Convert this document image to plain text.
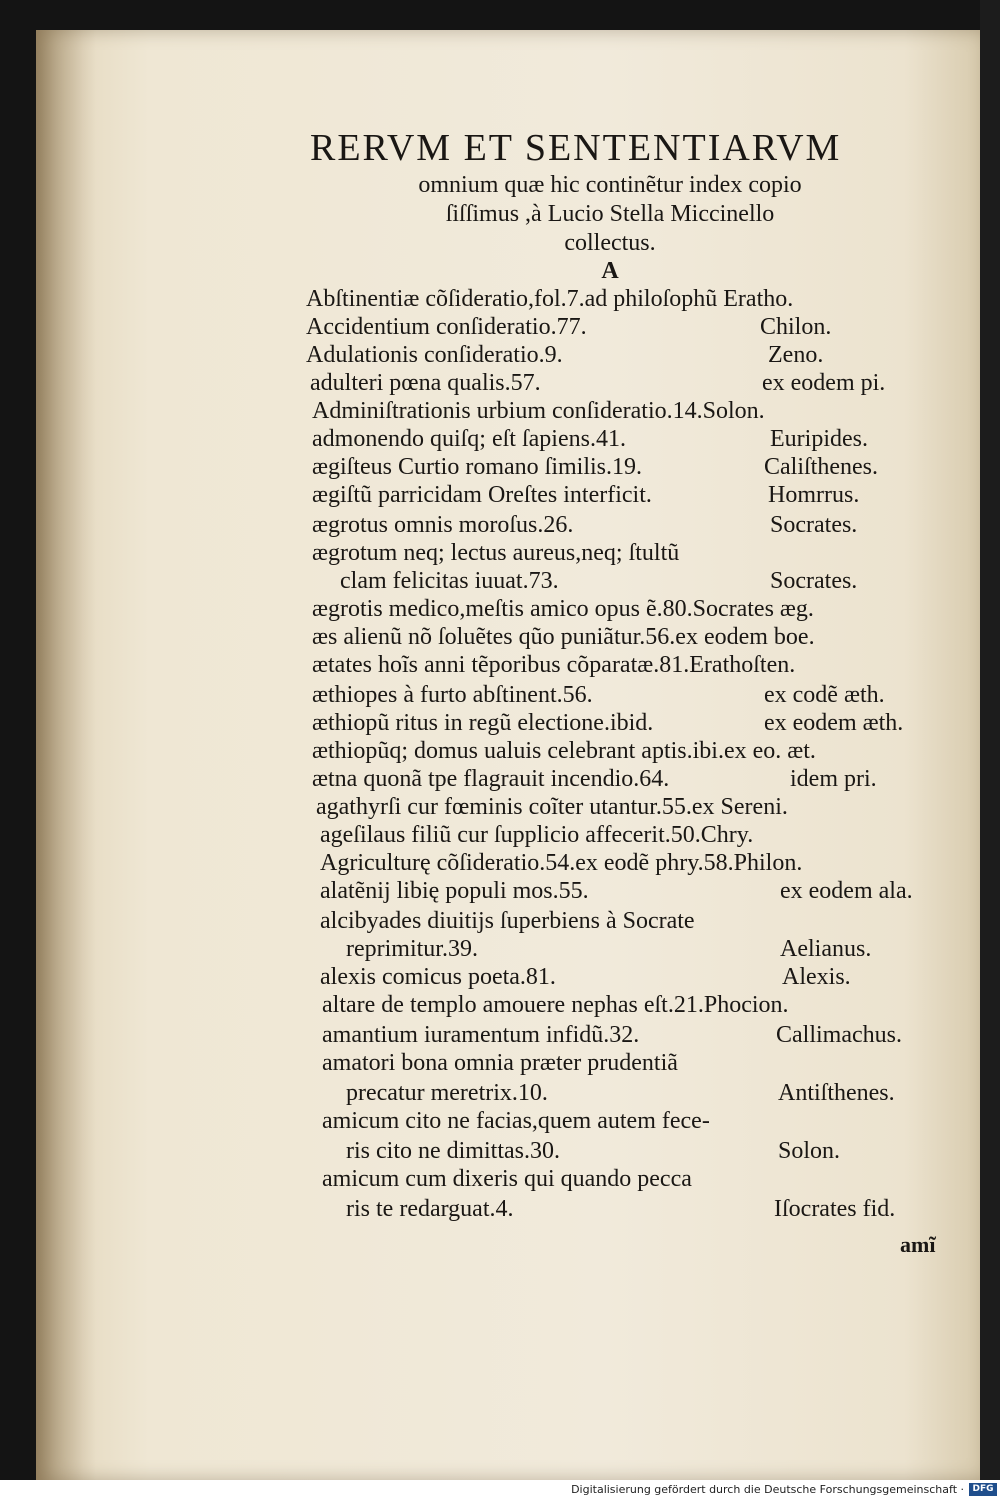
RERVM ET SENTENTIARVM
omnium quæ hic continẽtur index copio
ſiſſimus ,à Lucio Stella Miccinello
collectus.
A
Abſtinentiæ cõſideratio,fol.7.ad philoſophũ Eratho.
Accidentium conſideratio.77.	Chilon.
Adulationis conſideratio.9.	Zeno.
adulteri pœna qualis.57.	ex eodem pi.
Adminiſtrationis urbium conſideratio.14.Solon.
admonendo quiſq; eſt ſapiens.41.	Euripides.
ægiſteus Curtio romano ſimilis.19.	Caliſthenes.
ægiſtũ parricidam Oreſtes interficit.	Homrrus.
ægrotus omnis moroſus.26.	Socrates.
ægrotum neq; lectus aureus,neq; ſtultũ
clam felicitas iuuat.73.	Socrates.
ægrotis medico,meſtis amico opus ẽ.80.Socrates æg.
æs alienũ nõ ſoluẽtes qũo puniãtur.56.ex eodem boe.
ætates hoĩs anni tẽporibus cõparatæ.81.Erathoſten.
æthiopes à furto abſtinent.56.	ex codẽ æth.
æthiopũ ritus in regũ electione.ibid.	ex eodem æth.
æthiopũq; domus ualuis celebrant aptis.ibi.ex eo. æt.
ætna quonã tpe flagrauit incendio.64.	idem pri.
agathyrſi cur fœminis coĩter utantur.55.ex Sereni.
ageſilaus filiũ cur ſupplicio affecerit.50.Chry.
Agriculturę cõſideratio.54.ex eodẽ phry.58.Philon.
alatẽnij libię populi mos.55.	ex eodem ala.
alcibyades diuitijs ſuperbiens à Socrate
reprimitur.39.	Aelianus.
alexis comicus poeta.81.	Alexis.
altare de templo amouere nephas eſt.21.Phocion.
amantium iuramentum infidũ.32.	Callimachus.
amatori bona omnia præter prudentiã
precatur meretrix.10.	Antiſthenes.
amicum cito ne facias,quem autem fece-
ris cito ne dimittas.30.	Solon.
amicum cum dixeris qui quando pecca
ris te redarguat.4.	Iſocrates fid.
amĩ
Digitalisierung gefördert durch die Deutsche Forschungsgemeinschaft · DFG
